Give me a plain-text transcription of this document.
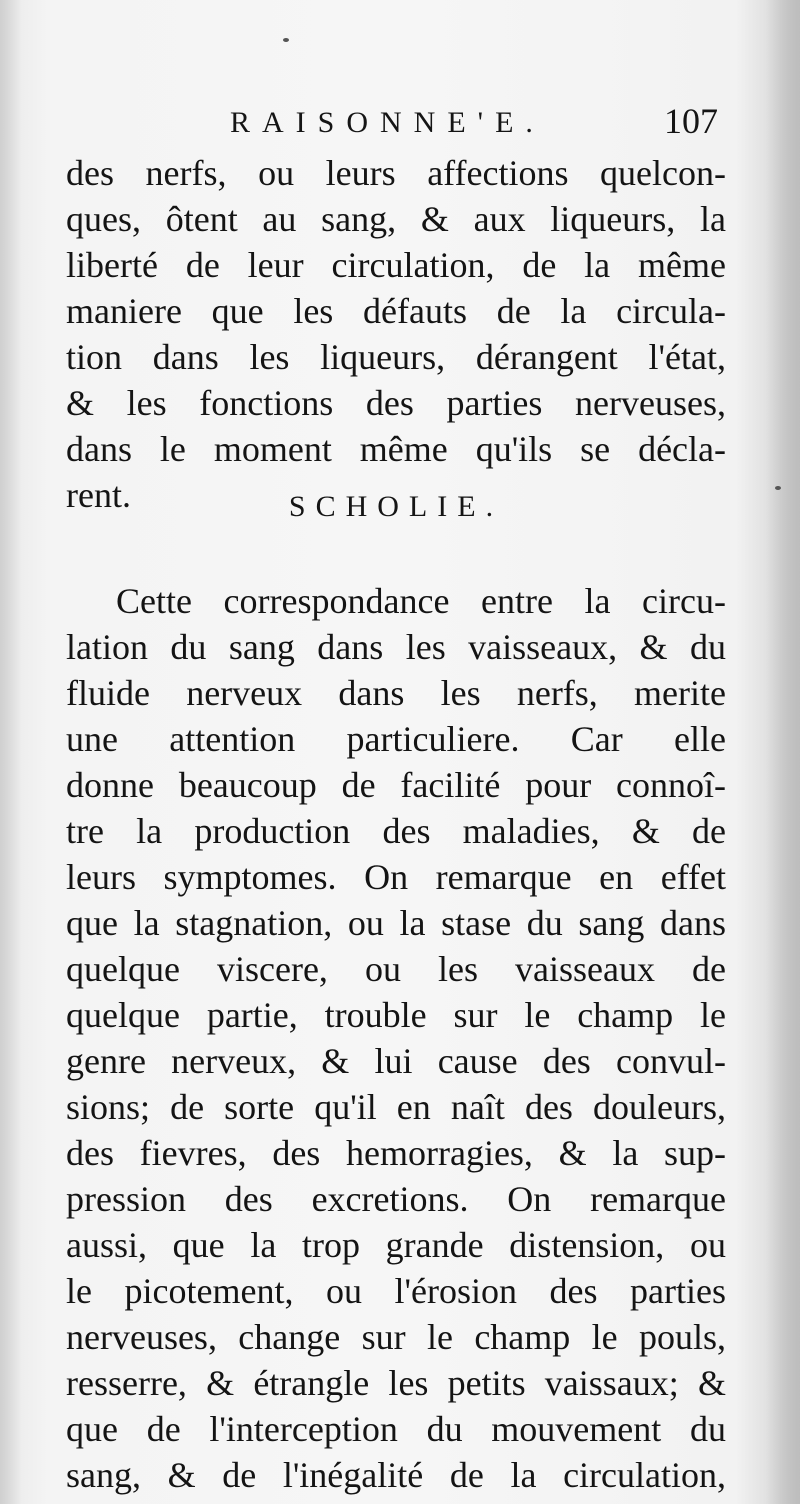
RAISONNE'E.	107
des nerfs, ou leurs affections quelcon-
ques, ôtent au sang, & aux liqueurs, la
liberté de leur circulation, de la même
maniere que les défauts de la circula-
tion dans les liqueurs, dérangent l'état,
& les fonctions des parties nerveuses,
dans le moment même qu'ils se décla-
rent.	SCHOLIE.
Cette correspondance entre la circu-
lation du sang dans les vaisseaux, & du
fluide nerveux dans les nerfs, merite
une attention particuliere. Car elle
donne beaucoup de facilité pour connoî-
tre la production des maladies, & de
leurs symptomes. On remarque en effet
que la stagnation, ou la stase du sang dans
quelque viscere, ou les vaisseaux de
quelque partie, trouble sur le champ le
genre nerveux, & lui cause des convul-
sions; de sorte qu'il en naît des douleurs,
des fievres, des hemorragies, & la sup-
pression des excretions. On remarque
aussi, que la trop grande distension, ou
le picotement, ou l'érosion des parties
nerveuses, change sur le champ le pouls,
resserre, & étrangle les petits vaissaux; &
que de l'interception du mouvement du
sang, & de l'inégalité de la circulation,
